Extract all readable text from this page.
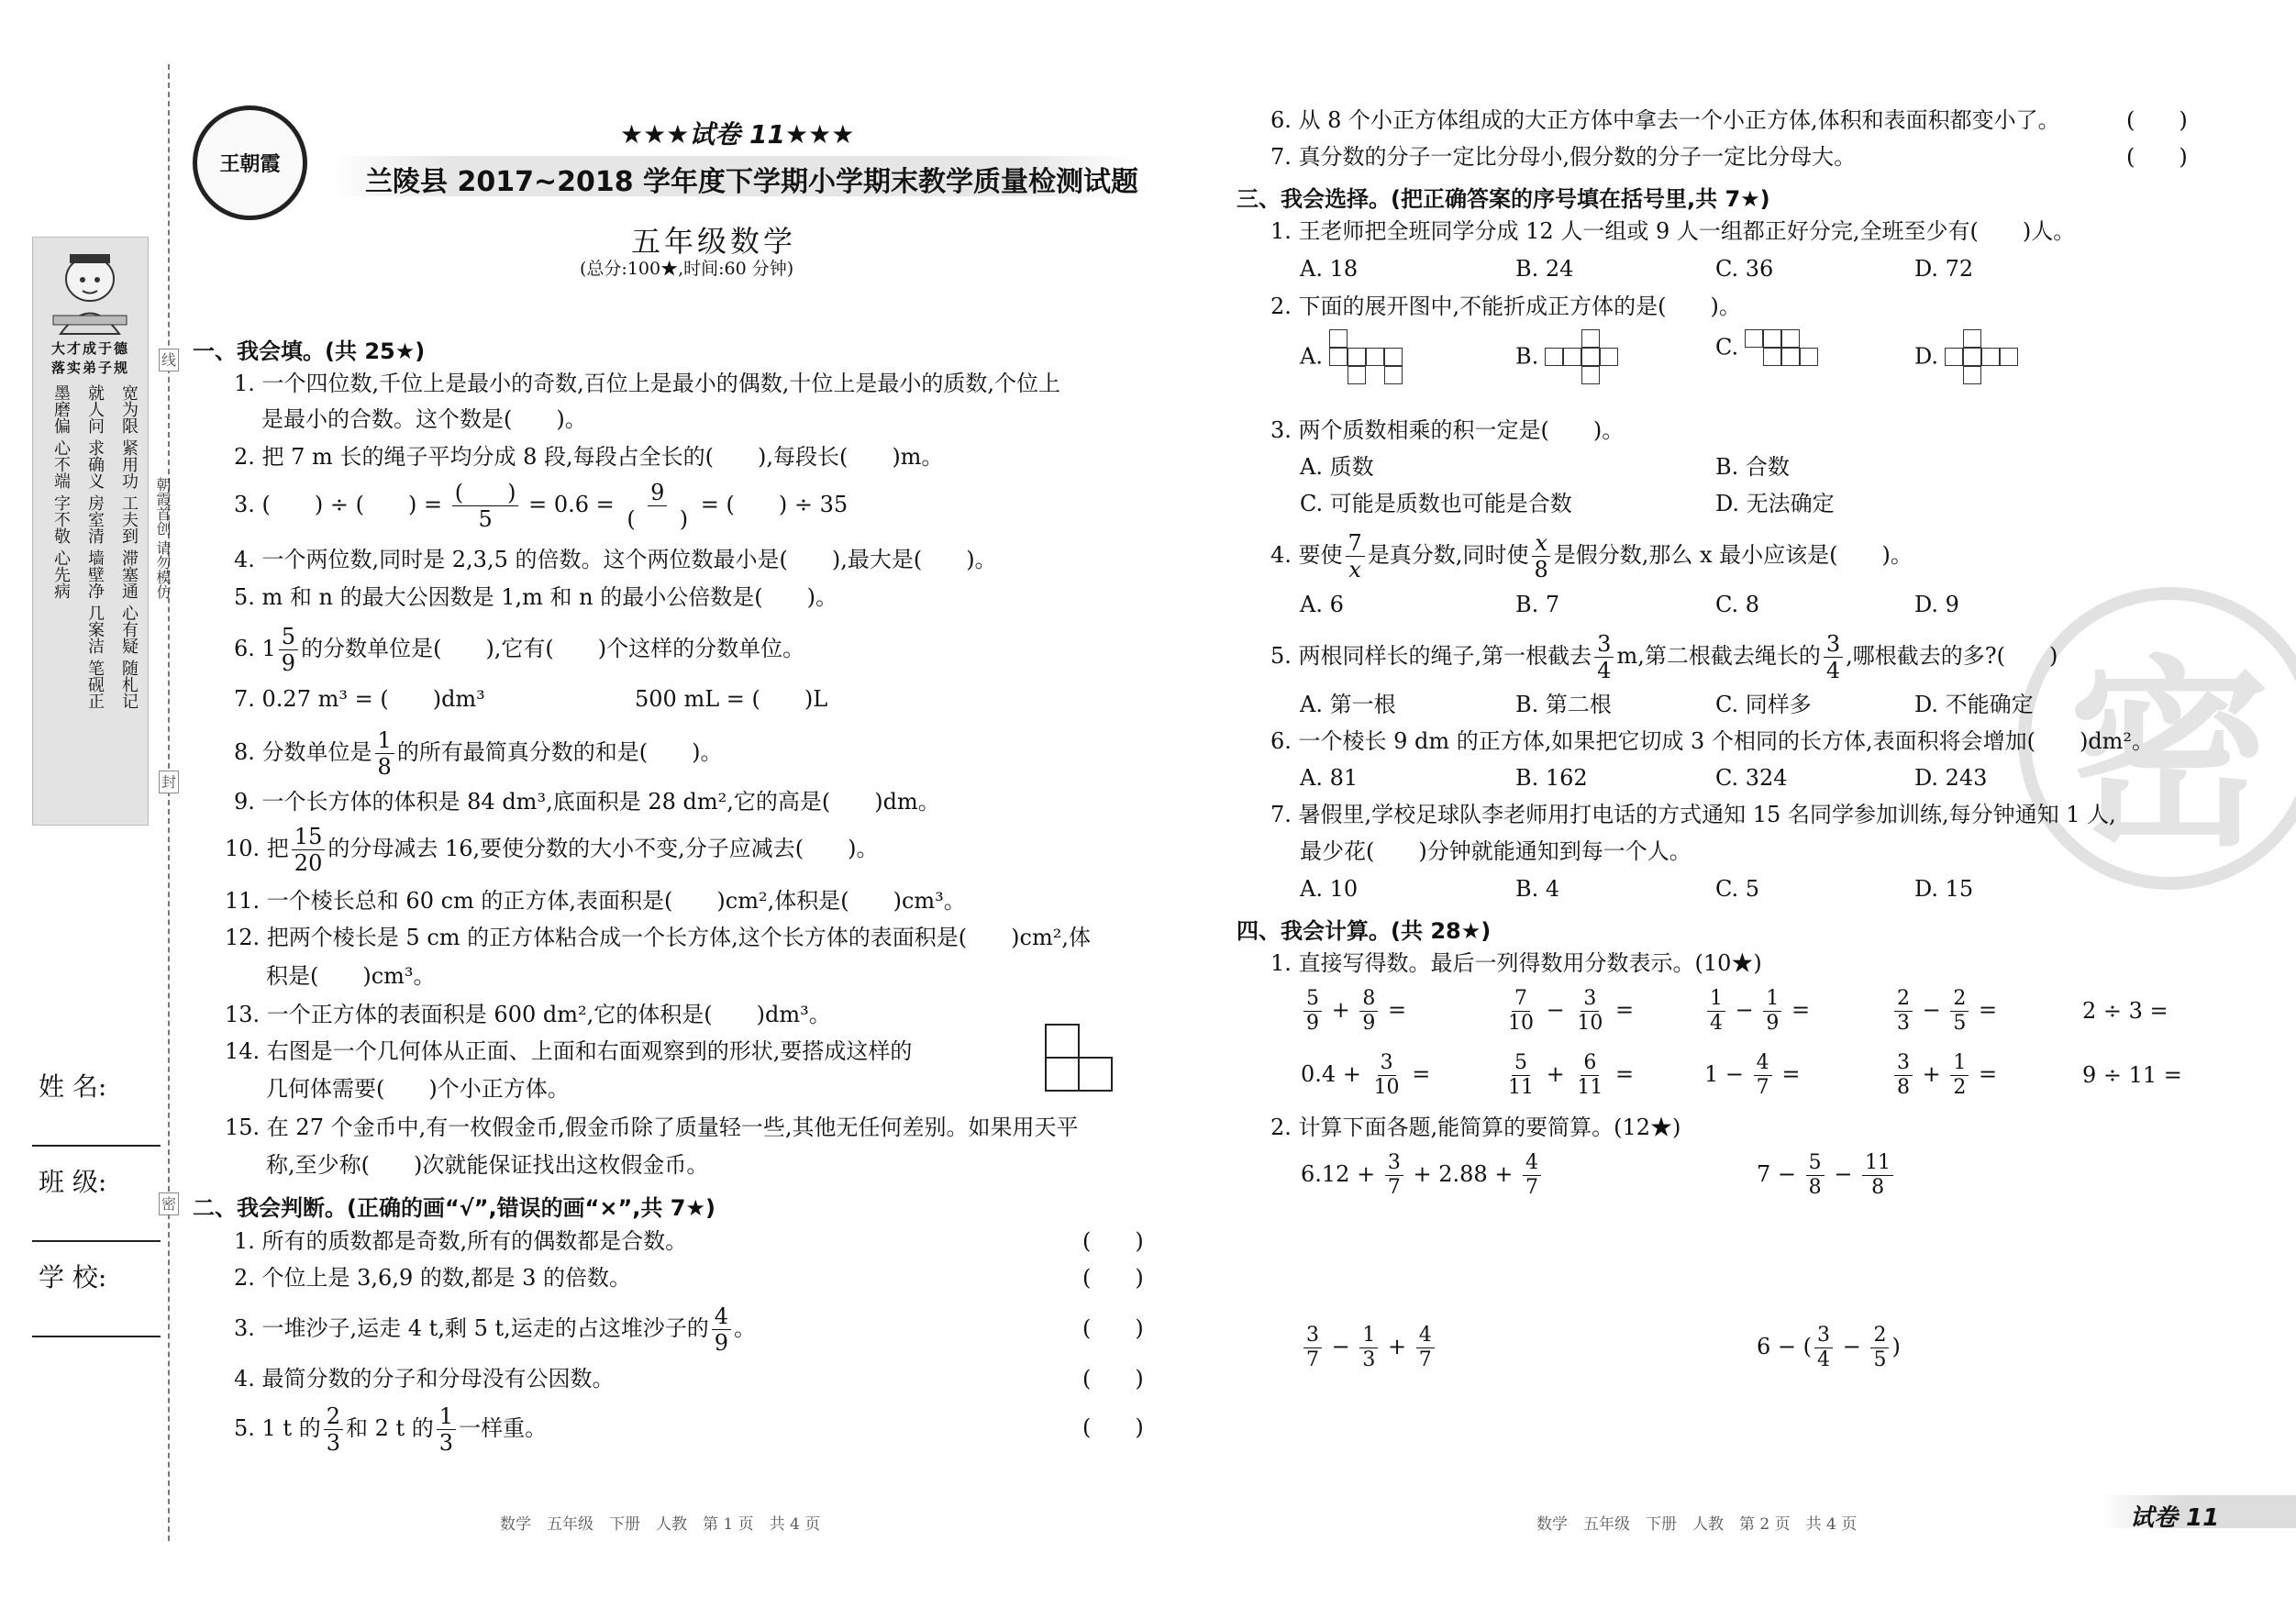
线
封
密
朝霞首创 请勿模仿
大才成于德
落实弟子规
墨磨偏 就人问 宽为限
心不端 求确义 紧用功
字不敬 房室清 工夫到
心先病 墙壁净 滞塞通
几案洁 心有疑
笔砚正 随札记
姓 名:
班 级:
学 校:
王朝霞
★★★试卷 11★★★
兰陵县 2017~2018 学年度下学期小学期末教学质量检测试题
五年级数学
(总分:100★,时间:60 分钟)
一、我会填。(共 25★)
1. 一个四位数,千位上是最小的奇数,百位上是最小的偶数,十位上是最小的质数,个位上
是最小的合数。这个数是(　　)。
2. 把 7 m 长的绳子平均分成 8 段,每段占全长的(　　),每段长(　　)m。
3. (　　) ÷ (　　) = $\frac{( )}{5} = 0.6 = \frac{9}{( )}$ = (　　) ÷ 35
4. 一个两位数,同时是 2,3,5 的倍数。这个两位数最小是(　　),最大是(　　)。
5. m 和 n 的最大公因数是 1,m 和 n 的最小公倍数是(　　)。
6. $1 \frac{5}{9}$ 的分数单位是(　　),它有(　　)个这样的分数单位。
7. 0.27 m³ = (　　)dm³	500 mL = (　　)L
8. 分数单位是 $\frac{1}{8}$ 的所有最简真分数的和是(　　)。
9. 一个长方体的体积是 84 dm³,底面积是 28 dm²,它的高是(　　)dm。
10. 把 $\frac{15}{20}$ 的分母减去 16,要使分数的大小不变,分子应减去(　　)。
11. 一个棱长总和 60 cm 的正方体,表面积是(　　)cm²,体积是(　　)cm³。
12. 把两个棱长是 5 cm 的正方体粘合成一个长方体,这个长方体的表面积是(　　)cm²,体
积是(　　)cm³。
13. 一个正方体的表面积是 600 dm²,它的体积是(　　)dm³。
14. 右图是一个几何体从正面、上面和右面观察到的形状,要搭成这样的
几何体需要(　　)个小正方体。
15. 在 27 个金币中,有一枚假金币,假金币除了质量轻一些,其他无任何差别。如果用天平
称,至少称(　　)次就能保证找出这枚假金币。
二、我会判断。(正确的画“√”,错误的画“×”,共 7★)
1. 所有的质数都是奇数,所有的偶数都是合数。	(　　)
2. 个位上是 3,6,9 的数,都是 3 的倍数。	(　　)
3. 一堆沙子,运走 4 t,剩 5 t,运走的占这堆沙子的 $\frac{4}{9}$ 。	(　　)
4. 最简分数的分子和分母没有公因数。	(　　)
5. 1 t 的 $\frac{2}{3}$ 和 2 t 的 $\frac{1}{3}$ 一样重。	(　　)
数学　五年级　下册　人教　第 1 页　共 4 页
密
6. 从 8 个小正方体组成的大正方体中拿去一个小正方体,体积和表面积都变小了。	(　　)
7. 真分数的分子一定比分母小,假分数的分子一定比分母大。	(　　)
三、我会选择。(把正确答案的序号填在括号里,共 7★)
1. 王老师把全班同学分成 12 人一组或 9 人一组都正好分完,全班至少有(　　)人。
A. 18	B. 24	C. 36	D. 72
2. 下面的展开图中,不能折成正方体的是(　　)。
A.	B.	C.	D.
3. 两个质数相乘的积一定是(　　)。
A. 质数	B. 合数
C. 可能是质数也可能是合数	D. 无法确定
4. 要使 $\frac{7}{x}$ 是真分数,同时使 $\frac{x}{8}$ 是假分数,那么 x 最小应该是(　　)。
A. 6	B. 7	C. 8	D. 9
5. 两根同样长的绳子,第一根截去 $\frac{3}{4} m$,第二根截去绳长的 $\frac{3}{4}$ ,哪根截去的多?(　　)
A. 第一根	B. 第二根	C. 同样多	D. 不能确定
6. 一个棱长 9 dm 的正方体,如果把它切成 3 个相同的长方体,表面积将会增加(　　)dm²。
A. 81	B. 162	C. 324	D. 243
7. 暑假里,学校足球队李老师用打电话的方式通知 15 名同学参加训练,每分钟通知 1 人,
最少花(　　)分钟就能通知到每一个人。
A. 10	B. 4	C. 5	D. 15
四、我会计算。(共 28★)
1. 直接写得数。最后一列得数用分数表示。(10★)
$\frac{5}{9} + \frac{8}{9}$ =	$\frac{7}{10} - \frac{3}{10}$ =	$\frac{1}{4} - \frac{1}{9}$ =	$\frac{2}{3} - \frac{2}{5}$ =	2 ÷ 3 =
$0.4 + \frac{3}{10}$ =	$\frac{5}{11} + \frac{6}{11}$ =	$1 - \frac{4}{7}$ =	$\frac{3}{8} + \frac{1}{2}$ =	9 ÷ 11 =
2. 计算下面各题,能简算的要简算。(12★)
$6.12 + \frac{3}{7} + 2.88 + \frac{4}{7}$	$7 - \frac{5}{8} - \frac{11}{8}$
$\frac{3}{7} - \frac{1}{3} + \frac{4}{7}$	6 − ( $\frac{3}{4} - \frac{2}{5}$ )
数学　五年级　下册　人教　第 2 页　共 4 页	试卷 11
